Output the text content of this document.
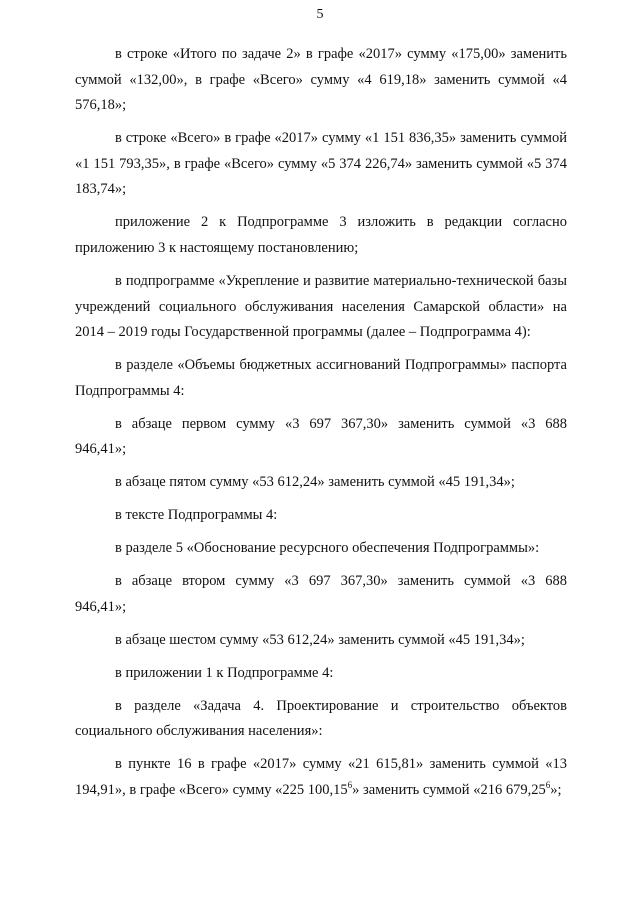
5

в строке «Итого по задаче 2» в графе «2017» сумму «175,00» заменить суммой «132,00», в графе «Всего» сумму «4 619,18» заменить суммой «4 576,18»;

в строке «Всего» в графе «2017» сумму «1 151 836,35» заменить суммой «1 151 793,35», в графе «Всего» сумму «5 374 226,74» заменить суммой «5 374 183,74»;

приложение 2 к Подпрограмме 3 изложить в редакции согласно приложению 3 к настоящему постановлению;

в подпрограмме «Укрепление и развитие материально-технической базы учреждений социального обслуживания населения Самарской области» на 2014 – 2019 годы Государственной программы (далее – Подпрограмма 4):

в разделе «Объемы бюджетных ассигнований Подпрограммы» паспорта Подпрограммы 4:

в абзаце первом сумму «3 697 367,30» заменить суммой «3 688 946,41»;

в абзаце пятом сумму «53 612,24» заменить суммой «45 191,34»;

в тексте Подпрограммы 4:

в разделе 5 «Обоснование ресурсного обеспечения Подпрограммы»:

в абзаце втором сумму «3 697 367,30» заменить суммой «3 688 946,41»;

в абзаце шестом сумму «53 612,24» заменить суммой «45 191,34»;

в приложении 1 к Подпрограмме 4:

в разделе «Задача 4. Проектирование и строительство объектов социального обслуживания населения»:

в пункте 16 в графе «2017» сумму «21 615,81» заменить суммой «13 194,91», в графе «Всего» сумму «225 100,15$^6$» заменить суммой «216 679,25$^6$»;
